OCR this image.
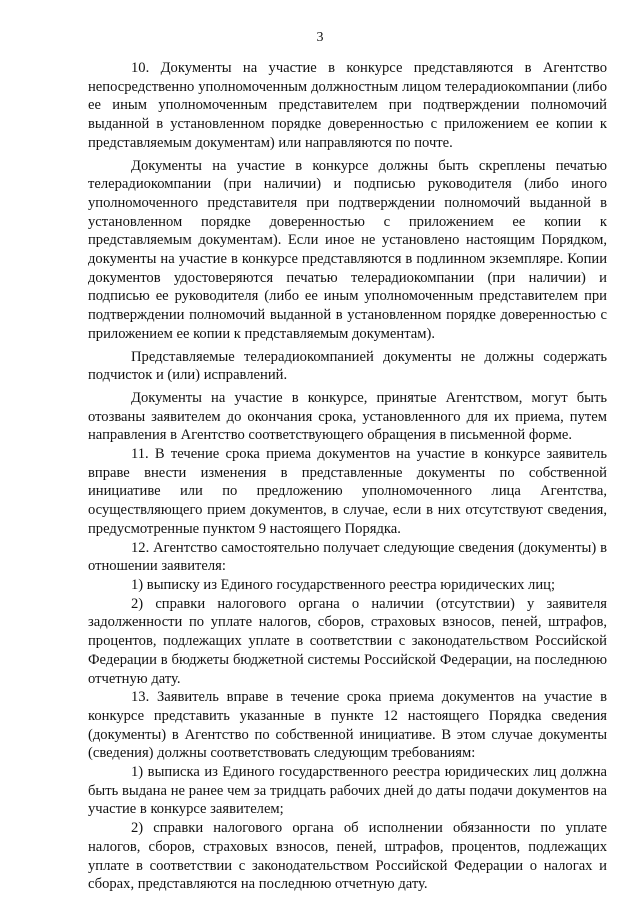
3

10. Документы на участие в конкурсе представляются в Агентство непосредственно уполномоченным должностным лицом телерадиокомпании (либо ее иным уполномоченным представителем при подтверждении полномочий выданной в установленном порядке доверенностью с приложением ее копии к представляемым документам) или направляются по почте.

Документы на участие в конкурсе должны быть скреплены печатью телерадиокомпании (при наличии) и подписью руководителя (либо иного уполномоченного представителя при подтверждении полномочий выданной в установленном порядке доверенностью с приложением ее копии к представляемым документам). Если иное не установлено настоящим Порядком, документы на участие в конкурсе представляются в подлинном экземпляре. Копии документов удостоверяются печатью телерадиокомпании (при наличии) и подписью ее руководителя (либо ее иным уполномоченным представителем при подтверждении полномочий выданной в установленном порядке доверенностью с приложением ее копии к представляемым документам).

Представляемые телерадиокомпанией документы не должны содержать подчисток и (или) исправлений.

Документы на участие в конкурсе, принятые Агентством, могут быть отозваны заявителем до окончания срока, установленного для их приема, путем направления в Агентство соответствующего обращения в письменной форме.

11. В течение срока приема документов на участие в конкурсе заявитель вправе внести изменения в представленные документы по собственной инициативе или по предложению уполномоченного лица Агентства, осуществляющего прием документов, в случае, если в них отсутствуют сведения, предусмотренные пунктом 9 настоящего Порядка.

12. Агентство самостоятельно получает следующие сведения (документы) в отношении заявителя:

1) выписку из Единого государственного реестра юридических лиц;

2) справки налогового органа о наличии (отсутствии) у заявителя задолженности по уплате налогов, сборов, страховых взносов, пеней, штрафов, процентов, подлежащих уплате в соответствии с законодательством Российской Федерации в бюджеты бюджетной системы Российской Федерации, на последнюю отчетную дату.

13. Заявитель вправе в течение срока приема документов на участие в конкурсе представить указанные в пункте 12 настоящего Порядка сведения (документы) в Агентство по собственной инициативе. В этом случае документы (сведения) должны соответствовать следующим требованиям:

1) выписка из Единого государственного реестра юридических лиц должна быть выдана не ранее чем за тридцать рабочих дней до даты подачи документов на участие в конкурсе заявителем;

2) справки налогового органа об исполнении обязанности по уплате налогов, сборов, страховых взносов, пеней, штрафов, процентов, подлежащих уплате в соответствии с законодательством Российской Федерации о налогах и сборах, представляются на последнюю отчетную дату.
